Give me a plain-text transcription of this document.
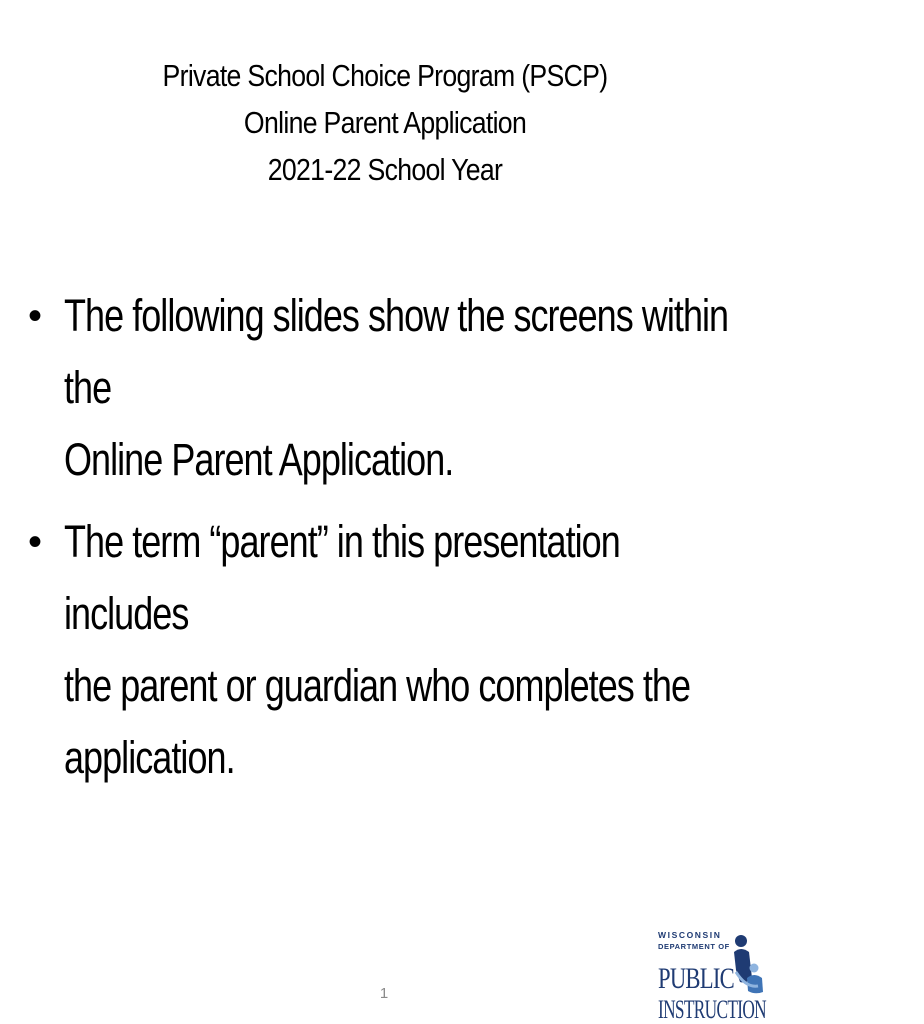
Private School Choice Program (PSCP)
Online Parent Application
2021-22 School Year
• The following slides show the screens within the
Online Parent Application.
• The term “parent” in this presentation includes
the parent or guardian who completes the
application.
1
WISCONSIN
DEPARTMENT OF
PUBLIC
INSTRUCTION
